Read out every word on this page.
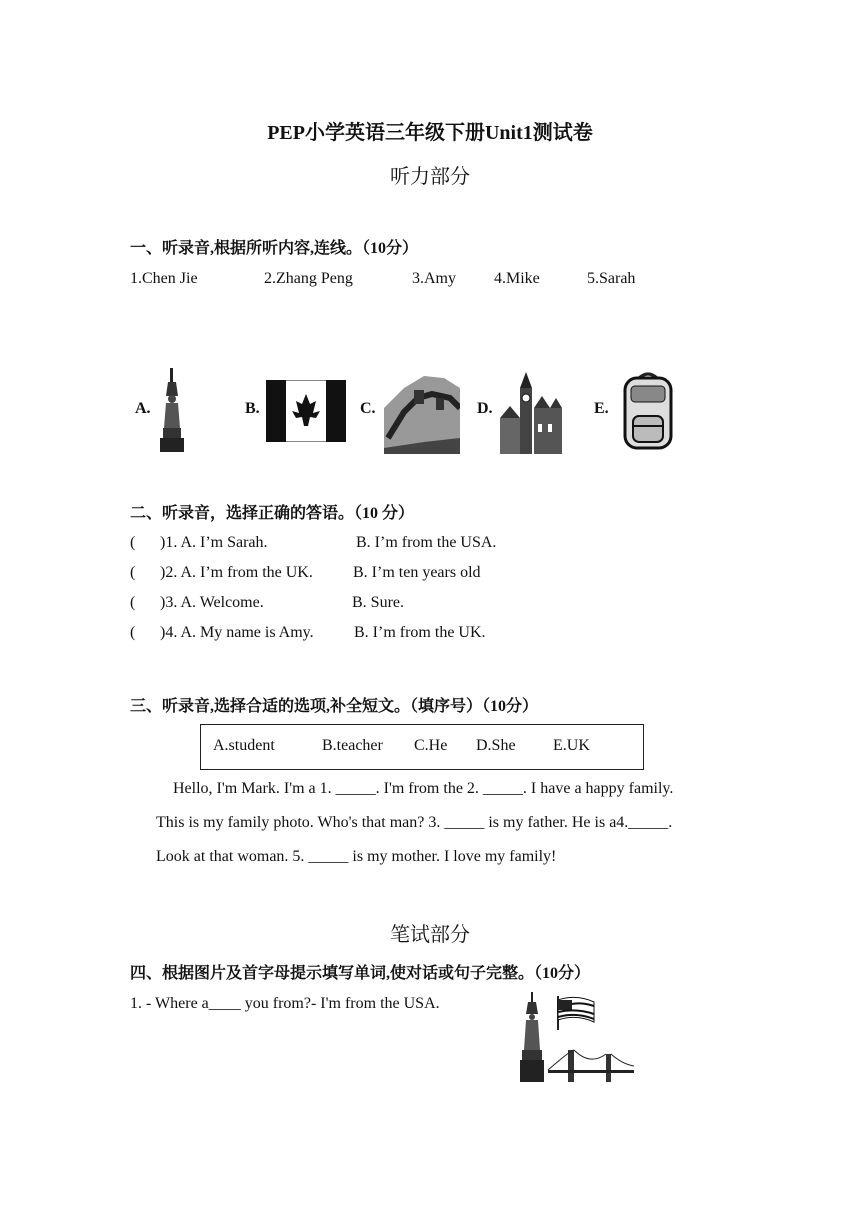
PEP小学英语三年级下册Unit1测试卷
听力部分
一、听录音,根据所听内容,连线。（10分）
1.Chen Jie	2.Zhang Peng	3.Amy 4.Mike	5.Sarah
A.	B.	C.	D.	E.
二、听录音，选择正确的答语。（10 分）
( )1. A. I’m Sarah.	B. I’m from the USA.
( )2. A. I’m from the UK.	B. I’m ten years old
( )3. A. Welcome.	B. Sure.
( )4. A. My name is Amy.	B. I’m from the UK.
三、听录音,选择合适的选项,补全短文。（填序号）（10分）
A.student	B.teacher C.He D.She E.UK
Hello, I'm Mark. I'm a 1. _____. I'm from the 2. _____. I have a happy family.
This is my family photo. Who's that man? 3. _____ is my father. He is a4._____.
Look at that woman. 5. _____ is my mother. I love my family!
笔试部分
四、根据图片及首字母提示填写单词,使对话或句子完整。（10分）
1. - Where a____ you from?- I'm from the USA.
